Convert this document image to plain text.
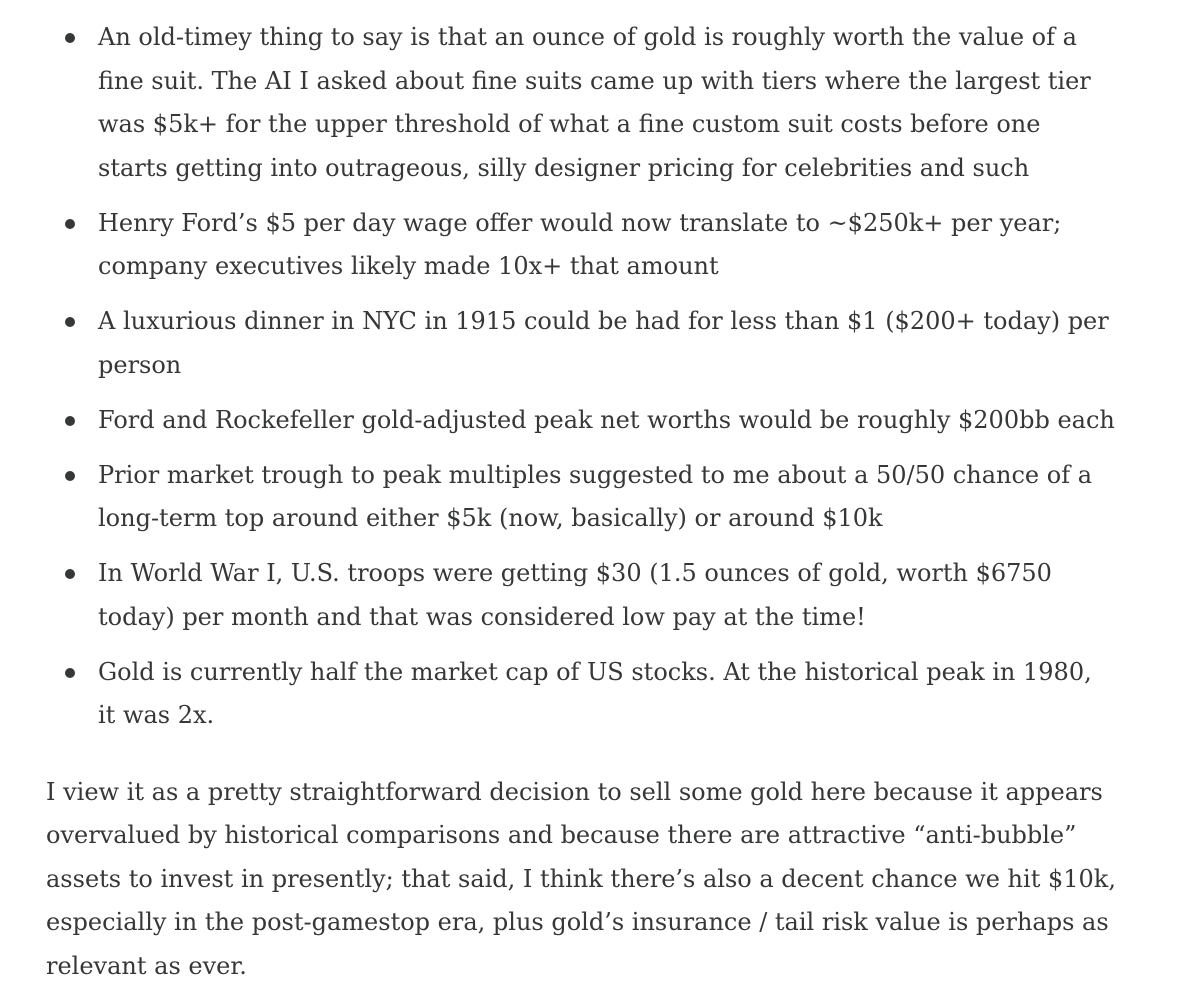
An old-timey thing to say is that an ounce of gold is roughly worth the value of a fine suit. The AI I asked about fine suits came up with tiers where the largest tier was $5k+ for the upper threshold of what a fine custom suit costs before one starts getting into outrageous, silly designer pricing for celebrities and such
Henry Ford’s $5 per day wage offer would now translate to ~$250k+ per year; company executives likely made 10x+ that amount
A luxurious dinner in NYC in 1915 could be had for less than $1 ($200+ today) per person
Ford and Rockefeller gold-adjusted peak net worths would be roughly $200bb each
Prior market trough to peak multiples suggested to me about a 50/50 chance of a long-term top around either $5k (now, basically) or around $10k
In World War I, U.S. troops were getting $30 (1.5 ounces of gold, worth $6750 today) per month and that was considered low pay at the time!
Gold is currently half the market cap of US stocks. At the historical peak in 1980, it was 2x.

I view it as a pretty straightforward decision to sell some gold here because it appears overvalued by historical comparisons and because there are attractive “anti-bubble” assets to invest in presently; that said, I think there’s also a decent chance we hit $10k, especially in the post-gamestop era, plus gold’s insurance / tail risk value is perhaps as relevant as ever.
